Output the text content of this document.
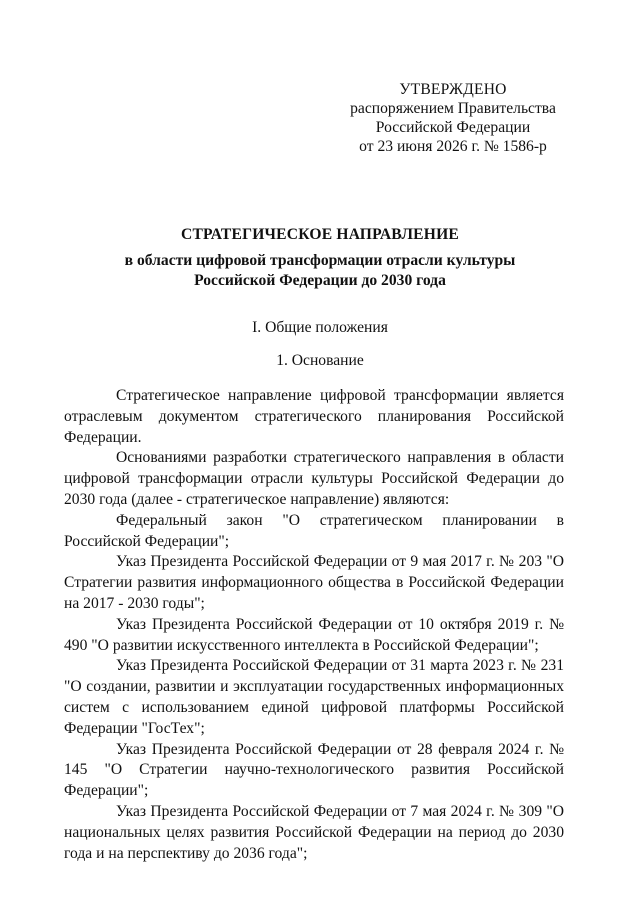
УТВЕРЖДЕНО
распоряжением Правительства
Российской Федерации
от 23 июня 2026 г. № 1586-р
СТРАТЕГИЧЕСКОЕ НАПРАВЛЕНИЕ
в области цифровой трансформации отрасли культуры
Российской Федерации до 2030 года
I. Общие положения
1. Основание

Стратегическое направление цифровой трансформации является отраслевым документом стратегического планирования Российской Федерации.

Основаниями разработки стратегического направления в области цифровой трансформации отрасли культуры Российской Федерации до 2030 года (далее - стратегическое направление) являются:

Федеральный закон "О стратегическом планировании в Российской Федерации";

Указ Президента Российской Федерации от 9 мая 2017 г. № 203 "О Стратегии развития информационного общества в Российской Федерации на 2017 - 2030 годы";

Указ Президента Российской Федерации от 10 октября 2019 г. № 490 "О развитии искусственного интеллекта в Российской Федерации";

Указ Президента Российской Федерации от 31 марта 2023 г. № 231 "О создании, развитии и эксплуатации государственных информационных систем с использованием единой цифровой платформы Российской Федерации "ГосТех";

Указ Президента Российской Федерации от 28 февраля 2024 г. № 145 "О Стратегии научно-технологического развития Российской Федерации";

Указ Президента Российской Федерации от 7 мая 2024 г. № 309 "О национальных целях развития Российской Федерации на период до 2030 года и на перспективу до 2036 года";
